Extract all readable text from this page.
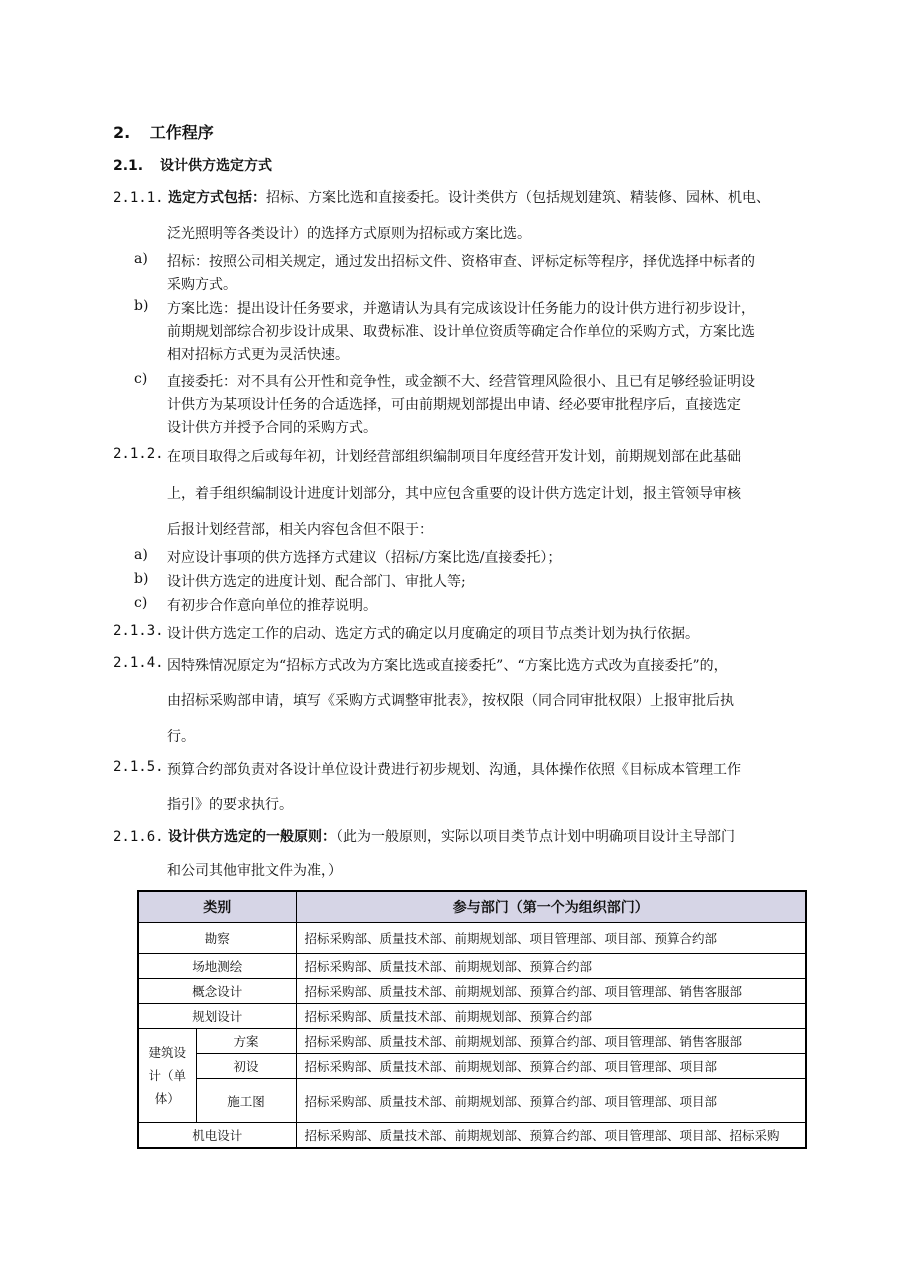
2. 工作程序
2.1. 设计供方选定方式
2.1.1. 选定方式包括：招标、方案比选和直接委托。设计类供方（包括规划建筑、精装修、园林、机电、
泛光照明等各类设计）的选择方式原则为招标或方案比选。
a) 招标：按照公司相关规定，通过发出招标文件、资格审查、评标定标等程序，择优选择中标者的
采购方式。
b) 方案比选：提出设计任务要求，并邀请认为具有完成该设计任务能力的设计供方进行初步设计，
前期规划部综合初步设计成果、取费标准、设计单位资质等确定合作单位的采购方式，方案比选
相对招标方式更为灵活快速。
c) 直接委托：对不具有公开性和竞争性，或金额不大、经营管理风险很小、且已有足够经验证明设
计供方为某项设计任务的合适选择，可由前期规划部提出申请、经必要审批程序后，直接选定
设计供方并授予合同的采购方式。
2.1.2. 在项目取得之后或每年初，计划经营部组织编制项目年度经营开发计划，前期规划部在此基础
上，着手组织编制设计进度计划部分，其中应包含重要的设计供方选定计划，报主管领导审核
后报计划经营部，相关内容包含但不限于：
a) 对应设计事项的供方选择方式建议（招标/方案比选/直接委托）；
b) 设计供方选定的进度计划、配合部门、审批人等;
c) 有初步合作意向单位的推荐说明。
2.1.3. 设计供方选定工作的启动、选定方式的确定以月度确定的项目节点类计划为执行依据。
2.1.4. 因特殊情况原定为“招标方式改为方案比选或直接委托”、“方案比选方式改为直接委托”的，
由招标采购部申请，填写《采购方式调整审批表》，按权限（同合同审批权限）上报审批后执
行。
2.1.5. 预算合约部负责对各设计单位设计费进行初步规划、沟通，具体操作依照《目标成本管理工作
指引》的要求执行。
2.1.6. 设计供方选定的一般原则：（此为一般原则，实际以项目类节点计划中明确项目设计主导部门
和公司其他审批文件为准，）
类别		参与部门（第一个为组织部门）
勘察		招标采购部、质量技术部、前期规划部、项目管理部、项目部、预算合约部
场地测绘		招标采购部、质量技术部、前期规划部、预算合约部
概念设计		招标采购部、质量技术部、前期规划部、预算合约部、项目管理部、销售客服部
规划设计		招标采购部、质量技术部、前期规划部、预算合约部
建筑设计（单体）	方案	招标采购部、质量技术部、前期规划部、预算合约部、项目管理部、销售客服部
	初设	招标采购部、质量技术部、前期规划部、预算合约部、项目管理部、项目部
	施工图	招标采购部、质量技术部、前期规划部、预算合约部、项目管理部、项目部
机电设计		招标采购部、质量技术部、前期规划部、预算合约部、项目管理部、项目部、招标采购
